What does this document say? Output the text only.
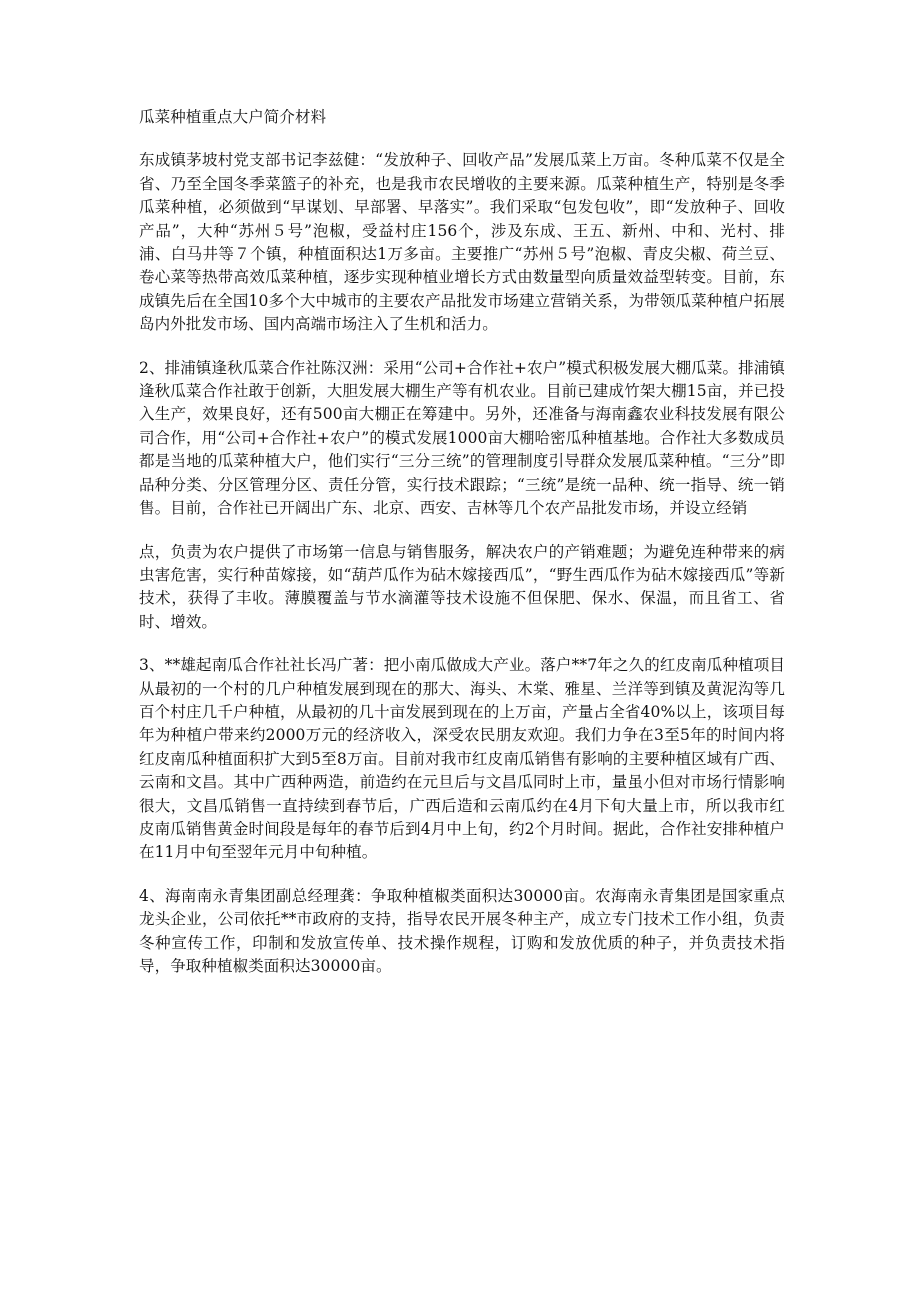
瓜菜种植重点大户简介材料

东成镇茅坡村党支部书记李兹健：“发放种子、回收产品”发展瓜菜上万亩。冬种瓜菜不仅是全省、乃至全国冬季菜篮子的补充，也是我市农民增收的主要来源。瓜菜种植生产，特别是冬季瓜菜种植，必须做到“早谋划、早部署、早落实”。我们采取“包发包收”，即“发放种子、回收产品”，大种“苏州５号”泡椒，受益村庄156个，涉及东成、王五、新州、中和、光村、排浦、白马井等７个镇，种植面积达1万多亩。主要推广“苏州５号”泡椒、青皮尖椒、荷兰豆、卷心菜等热带高效瓜菜种植，逐步实现种植业增长方式由数量型向质量效益型转变。目前，东成镇先后在全国10多个大中城市的主要农产品批发市场建立营销关系，为带领瓜菜种植户拓展岛内外批发市场、国内高端市场注入了生机和活力。

2、排浦镇逢秋瓜菜合作社陈汉洲：采用“公司+合作社+农户”模式积极发展大棚瓜菜。排浦镇逢秋瓜菜合作社敢于创新，大胆发展大棚生产等有机农业。目前已建成竹架大棚15亩，并已投入生产，效果良好，还有500亩大棚正在筹建中。另外，还准备与海南鑫农业科技发展有限公司合作，用“公司+合作社+农户”的模式发展1000亩大棚哈密瓜种植基地。合作社大多数成员都是当地的瓜菜种植大户，他们实行“三分三统”的管理制度引导群众发展瓜菜种植。“三分”即品种分类、分区管理分区、责任分管，实行技术跟踪；“三统”是统一品种、统一指导、统一销售。目前，合作社已开阔出广东、北京、西安、吉林等几个农产品批发市场，并设立经销

点，负责为农户提供了市场第一信息与销售服务，解决农户的产销难题；为避免连种带来的病虫害危害，实行种苗嫁接，如“葫芦瓜作为砧木嫁接西瓜”，“野生西瓜作为砧木嫁接西瓜”等新技术，获得了丰收。薄膜覆盖与节水滴灌等技术设施不但保肥、保水、保温，而且省工、省时、增效。

3、**雄起南瓜合作社社长冯广著：把小南瓜做成大产业。落户**7年之久的红皮南瓜种植项目从最初的一个村的几户种植发展到现在的那大、海头、木棠、雅星、兰洋等到镇及黄泥沟等几百个村庄几千户种植，从最初的几十亩发展到现在的上万亩，产量占全省40%以上，该项目每年为种植户带来约2000万元的经济收入，深受农民朋友欢迎。我们力争在3至5年的时间内将红皮南瓜种植面积扩大到5至8万亩。目前对我市红皮南瓜销售有影响的主要种植区域有广西、云南和文昌。其中广西种两造，前造约在元旦后与文昌瓜同时上市，量虽小但对市场行情影响很大，文昌瓜销售一直持续到春节后，广西后造和云南瓜约在4月下旬大量上市，所以我市红皮南瓜销售黄金时间段是每年的春节后到4月中上旬，约2个月时间。据此，合作社安排种植户在11月中旬至翌年元月中旬种植。

4、海南南永青集团副总经理龚：争取种植椒类面积达30000亩。农海南永青集团是国家重点龙头企业，公司依托**市政府的支持，指导农民开展冬种主产，成立专门技术工作小组，负责冬种宣传工作，印制和发放宣传单、技术操作规程，订购和发放优质的种子，并负责技术指导，争取种植椒类面积达30000亩。
